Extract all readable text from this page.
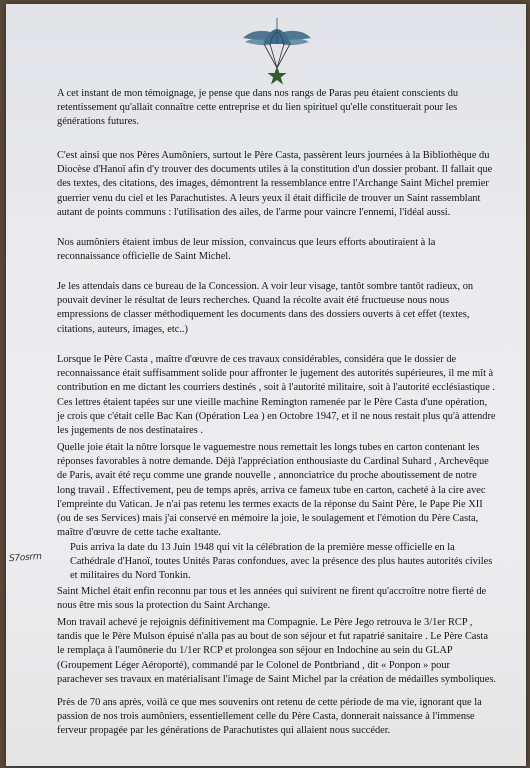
S7osrrn

A cet instant de mon témoignage, je pense que dans nos rangs de Paras peu étaient conscients du retentissement qu'allait connaître cette entreprise et du lien spirituel qu'elle constituerait pour les générations futures.

C'est ainsi que nos Pères Aumôniers, surtout le Père Casta, passèrent leurs journées à la Bibliothèque du Diocèse d'Hanoï afin d'y trouver des documents utiles à la constitution d'un dossier probant. Il fallait que des textes, des citations, des images, démontrent la ressemblance entre l'Archange Saint Michel premier guerrier venu du ciel et les Parachutistes. A leurs yeux il était difficile de trouver un Saint rassemblant autant de points communs : l'utilisation des ailes, de l'arme pour vaincre l'ennemi, l'idéal aussi.

Nos aumôniers étaient imbus de leur mission, convaincus que leurs efforts aboutiraient à la reconnaissance officielle de Saint Michel.

Je les attendais dans ce bureau de la Concession. A voir leur visage, tantôt sombre tantôt radieux, on pouvait deviner le résultat de leurs recherches. Quand la récolte avait été fructueuse nous nous empressions de classer méthodiquement les documents dans des dossiers ouverts à cet effet (textes, citations, auteurs, images, etc..)

Lorsque le Père Casta , maître d'œuvre de ces travaux considérables, considéra que le dossier de reconnaissance était suffisamment solide pour affronter le jugement des autorités supérieures, il me mît à contribution en me dictant les courriers destinés , soit à l'autorité militaire, soit à l'autorité ecclésiastique . Ces lettres étaient tapées sur une vieille machine Remington ramenée par le Père Casta d'une opération, je crois que c'était celle Bac Kan (Opération Lea ) en Octobre 1947, et il ne nous restait plus qu'à attendre les jugements de nos destinataires .

Quelle joie était la nôtre lorsque le vaguemestre nous remettait les longs tubes en carton contenant les réponses favorables à notre demande. Déjà l'appréciation enthousiaste du Cardinal Suhard , Archevêque de Paris, avait été reçu comme une grande nouvelle , annonciatrice du proche aboutissement de notre long travail . Effectivement, peu de temps après, arriva ce fameux tube en carton, cacheté à la cire avec l'empreinte du Vatican. Je n'ai pas retenu les termes exacts de la réponse du Saint Père, le Pape Pie XII (ou de ses Services) mais j'ai conservé en mémoire la joie, le soulagement et l'émotion du Père Casta, maître d'œuvre de cette tache exaltante.

Puis arriva la date du 13 Juin 1948 qui vit la célébration de la première messe officielle en la Cathédrale d'Hanoï, toutes Unités Paras confondues, avec la présence des plus hautes autorités civiles et militaires du Nord Tonkin.

Saint Michel était enfin reconnu par tous et les années qui suivirent ne firent qu'accroître notre fierté de nous être mis sous la protection du Saint Archange.

Mon travail achevé je rejoignis définitivement ma Compagnie. Le Père Jego retrouva le 3/1er RCP , tandis que le Père Mulson épuisé n'alla pas au bout de son séjour et fut rapatrié sanitaire . Le Père Casta le remplaça à l'aumônerie du 1/1er RCP et prolongea son séjour en Indochine au sein du GLAP (Groupement Léger Aéroporté), commandé par le Colonel de Pontbriand , dit « Ponpon » pour parachever ses travaux en matérialisant l'image de Saint Michel par la création de médailles symboliques.

Près de 70 ans après, voilà ce que mes souvenirs ont retenu de cette période de ma vie, ignorant que la passion de nos trois aumôniers, essentiellement celle du Père Casta, donnerait naissance à l'immense ferveur propagée par les générations de Parachutistes qui allaient nous succéder.
